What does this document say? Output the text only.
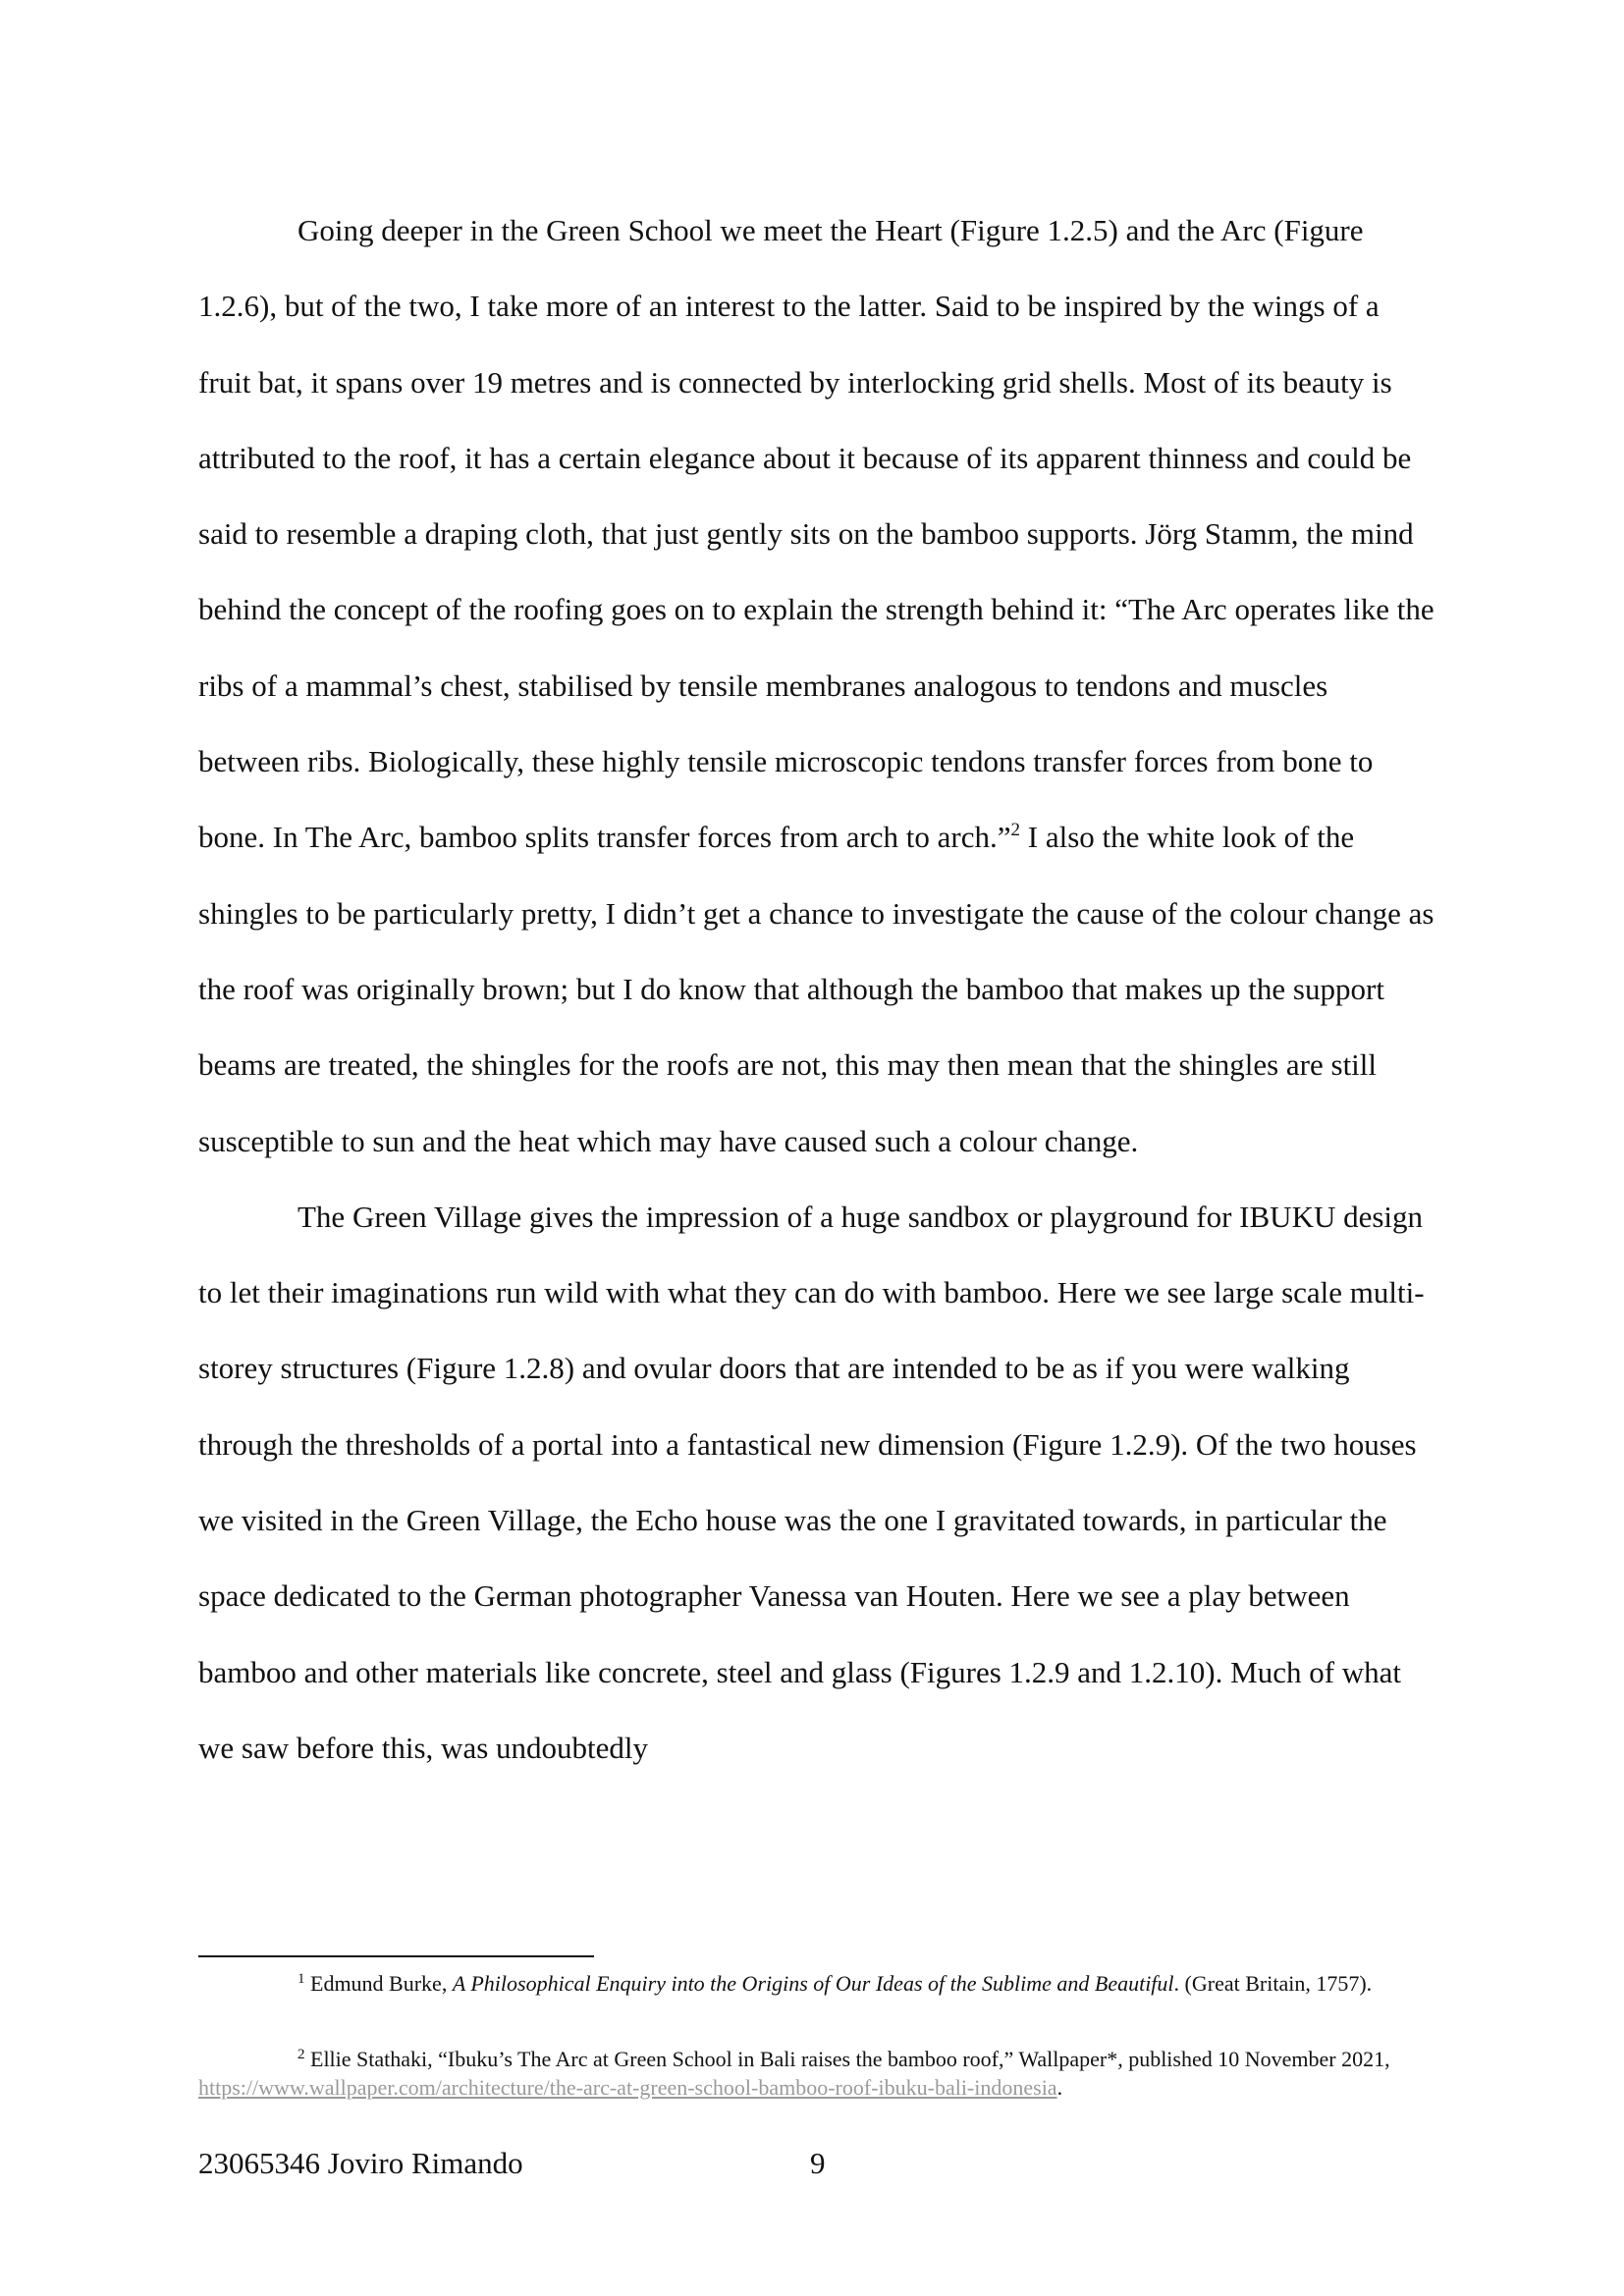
Going deeper in the Green School we meet the Heart (Figure 1.2.5) and the Arc (Figure 1.2.6), but of the two, I take more of an interest to the latter. Said to be inspired by the wings of a fruit bat, it spans over 19 metres and is connected by interlocking grid shells. Most of its beauty is attributed to the roof, it has a certain elegance about it because of its apparent thinness and could be said to resemble a draping cloth, that just gently sits on the bamboo supports. Jörg Stamm, the mind behind the concept of the roofing goes on to explain the strength behind it: “The Arc operates like the ribs of a mammal’s chest, stabilised by tensile membranes analogous to tendons and muscles between ribs. Biologically, these highly tensile microscopic tendons transfer forces from bone to bone. In The Arc, bamboo splits transfer forces from arch to arch.”$^2$ I also the white look of the shingles to be particularly pretty, I didn’t get a chance to investigate the cause of the colour change as the roof was originally brown; but I do know that although the bamboo that makes up the support beams are treated, the shingles for the roofs are not, this may then mean that the shingles are still susceptible to sun and the heat which may have caused such a colour change.

The Green Village gives the impression of a huge sandbox or playground for IBUKU design to let their imaginations run wild with what they can do with bamboo. Here we see large scale multi-storey structures (Figure 1.2.8) and ovular doors that are intended to be as if you were walking through the thresholds of a portal into a fantastical new dimension (Figure 1.2.9). Of the two houses we visited in the Green Village, the Echo house was the one I gravitated towards, in particular the space dedicated to the German photographer Vanessa van Houten. Here we see a play between bamboo and other materials like concrete, steel and glass (Figures 1.2.9 and 1.2.10). Much of what we saw before this, was undoubtedly

$^1$ Edmund Burke, A Philosophical Enquiry into the Origins of Our Ideas of the Sublime and Beautiful. (Great Britain, 1757).

$^2$ Ellie Stathaki, “Ibuku’s The Arc at Green School in Bali raises the bamboo roof,” Wallpaper*, published 10 November 2021, https://www.wallpaper.com/architecture/the-arc-at-green-school-bamboo-roof-ibuku-bali-indonesia.

23065346 Joviro Rimando	9
